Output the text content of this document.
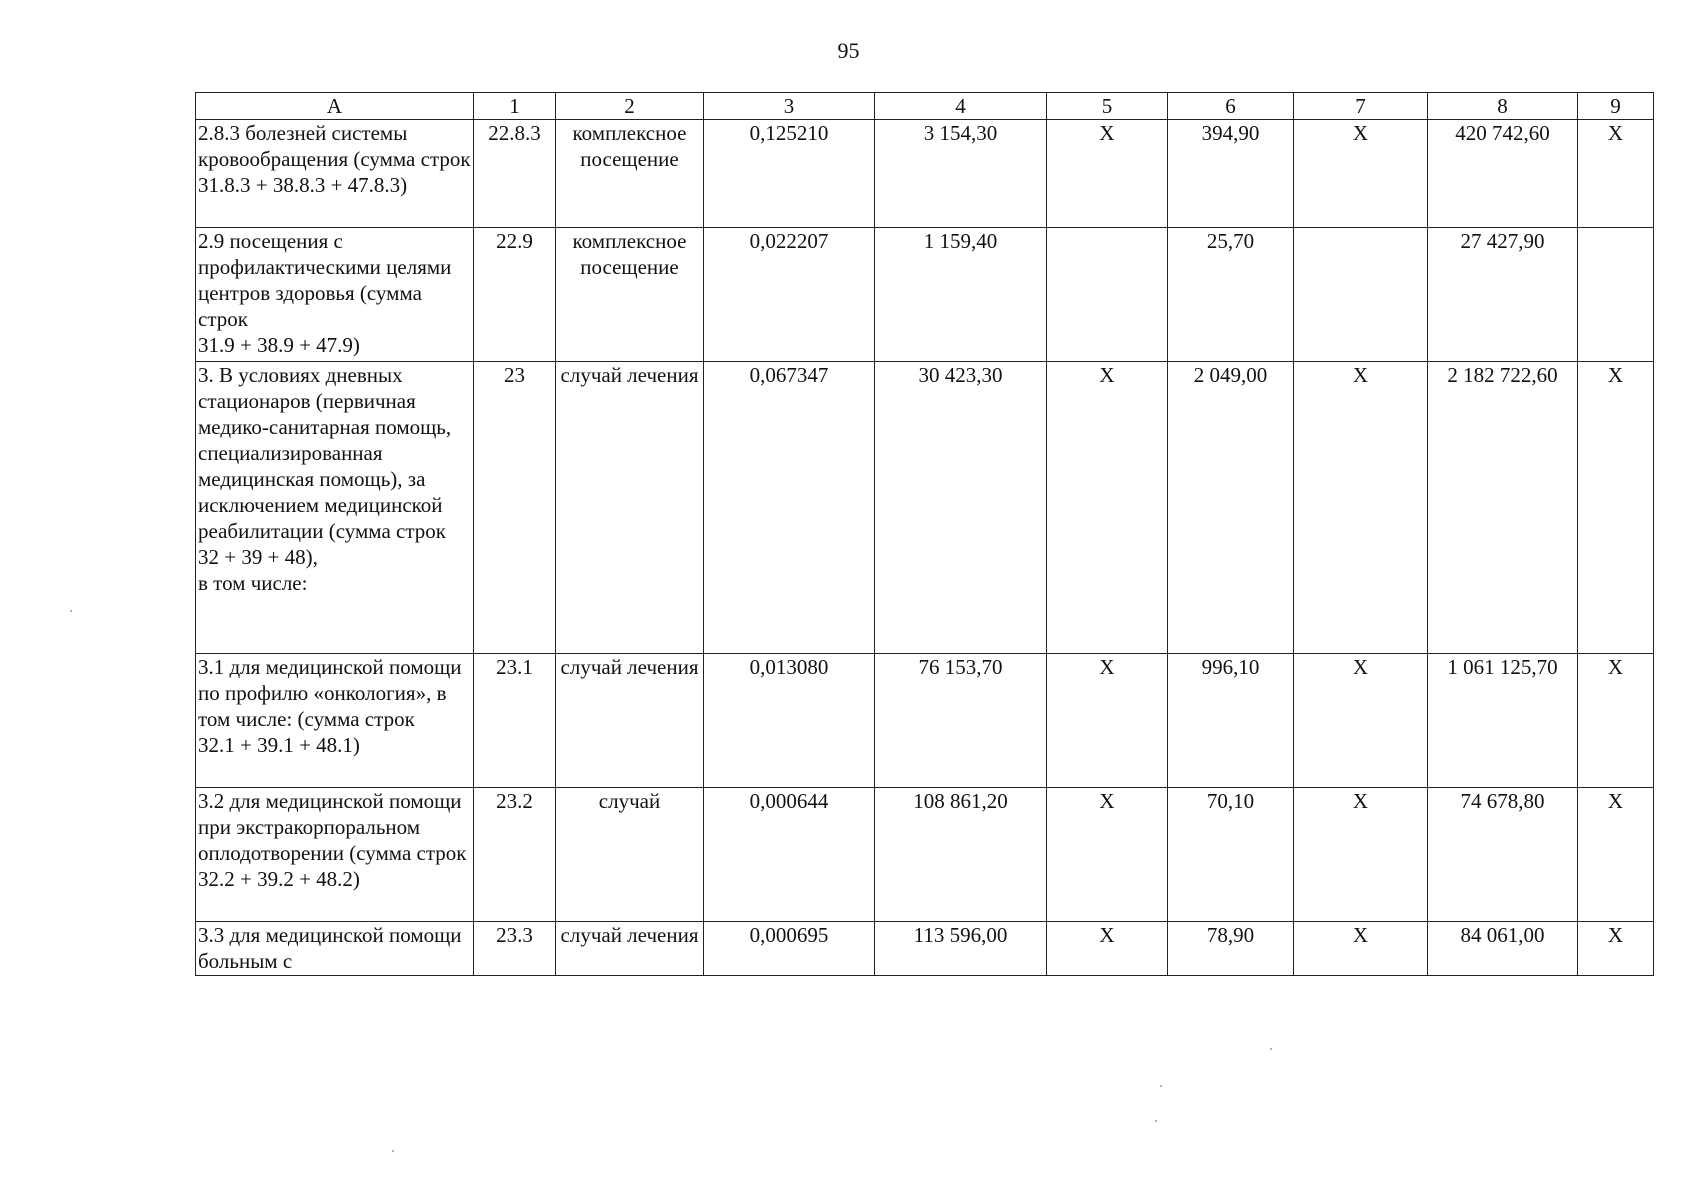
95
А	1	2	3	4	5	6	7	8	9
2.8.3 болезней системы кровообращения (сумма строк
31.8.3 + 38.8.3 + 47.8.3)	22.8.3	комплексное посещение	0,125210	3 154,30	X	394,90	X	420 742,60	X
2.9 посещения с профилактическими целями центров здоровья (сумма строк
31.9 + 38.9 + 47.9)	22.9	комплексное посещение	0,022207	1 159,40		25,70		27 427,90	
3. В условиях дневных стационаров (первичная медико-санитарная помощь, специализированная медицинская помощь), за исключением медицинской реабилитации (сумма строк 32 + 39 + 48),
в том числе:	23	случай лечения	0,067347	30 423,30	X	2 049,00	X	2 182 722,60	X
3.1 для медицинской помощи по профилю «онкология», в том числе: (сумма строк
32.1 + 39.1 + 48.1)	23.1	случай лечения	0,013080	76 153,70	X	996,10	X	1 061 125,70	X
3.2 для медицинской помощи при экстракорпоральном оплодотворении (сумма строк 32.2 + 39.2 + 48.2)	23.2	случай	0,000644	108 861,20	X	70,10	X	74 678,80	X
3.3 для медицинской помощи больным с	23.3	случай лечения	0,000695	113 596,00	X	78,90	X	84 061,00	X
